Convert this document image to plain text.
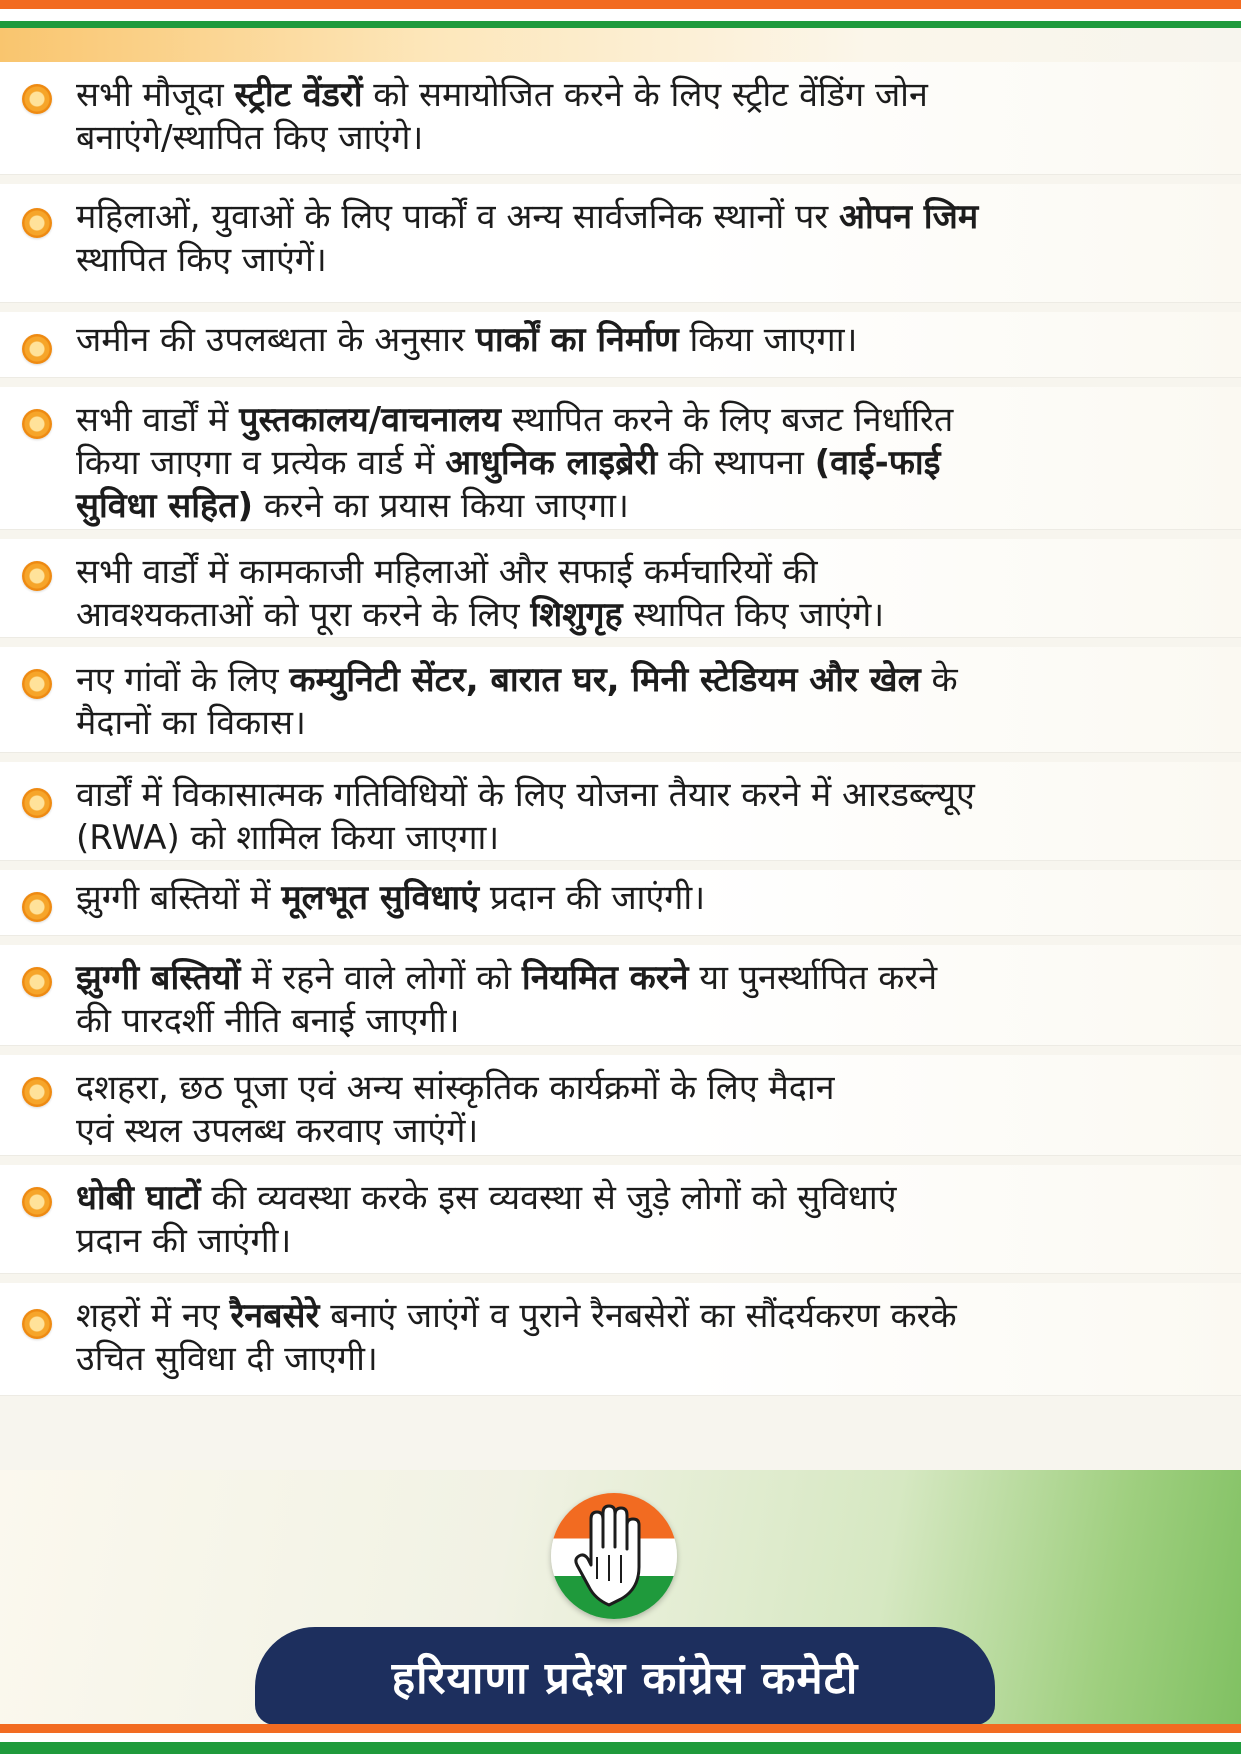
सभी मौजूदा स्ट्रीट वेंडरों को समायोजित करने के लिए स्ट्रीट वेंडिंग जोन
बनाएंगे/स्थापित किए जाएंगे।
महिलाओं, युवाओं के लिए पार्कों व अन्य सार्वजनिक स्थानों पर ओपन जिम
स्थापित किए जाएंगें।
जमीन की उपलब्धता के अनुसार पार्कों का निर्माण किया जाएगा।
सभी वार्डों में पुस्तकालय/वाचनालय स्थापित करने के लिए बजट निर्धारित
किया जाएगा व प्रत्येक वार्ड में आधुनिक लाइब्रेरी की स्थापना (वाई-फाई
सुविधा सहित) करने का प्रयास किया जाएगा।
सभी वार्डों में कामकाजी महिलाओं और सफाई कर्मचारियों की
आवश्यकताओं को पूरा करने के लिए शिशुगृह स्थापित किए जाएंगे।
नए गांवों के लिए कम्युनिटी सेंटर, बारात घर, मिनी स्टेडियम और खेल के
मैदानों का विकास।
वार्डों में विकासात्मक गतिविधियों के लिए योजना तैयार करने में आरडब्ल्यूए
(RWA) को शामिल किया जाएगा।
झुग्गी बस्तियों में मूलभूत सुविधाएं प्रदान की जाएंगी।
झुग्गी बस्तियों में रहने वाले लोगों को नियमित करने या पुनर्स्थापित करने
की पारदर्शी नीति बनाई जाएगी।
दशहरा, छठ पूजा एवं अन्य सांस्कृतिक कार्यक्रमों के लिए मैदान
एवं स्थल उपलब्ध करवाए जाएंगें।
धोबी घाटों की व्यवस्था करके इस व्यवस्था से जुड़े लोगों को सुविधाएं
प्रदान की जाएंगी।
शहरों में नए रैनबसेरे बनाएं जाएंगें व पुराने रैनबसेरों का सौंदर्यकरण करके
उचित सुविधा दी जाएगी।
हरियाणा प्रदेश कांग्रेस कमेटी
